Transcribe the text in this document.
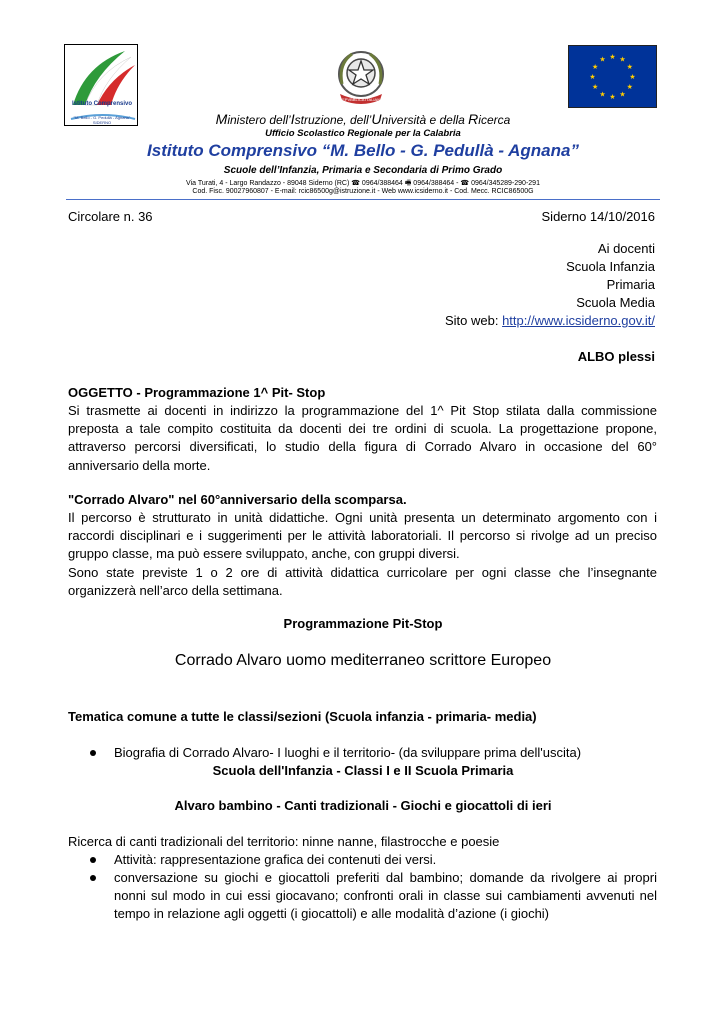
Istituto Comprensivo
"M. Bello - G. Pedullà - Agnana" SIDERNO
REPVBBLICA ITALIANA
★ ★
★
★
★
★
★
★
★
★
★
★
Ministero dell’Istruzione, dell’Università e della Ricerca
Ufficio Scolastico Regionale per la Calabria
Istituto Comprensivo “M. Bello - G. Pedullà - Agnana”
Scuole dell’Infanzia, Primaria e Secondaria di Primo Grado
Via Turati, 4 - Largo Randazzo - 89048 Siderno (RC) ☎ 0964/388464 🖷 0964/388464 - ☎ 0964/345289-290-291
Cod. Fisc. 90027960807 - E-mail: rcic86500g@istruzione.it - Web www.icsiderno.it - Cod. Mecc. RCIC86500G
Circolare n. 36	Siderno 14/10/2016
Ai docenti
Scuola Infanzia
Primaria
Scuola Media
Sito web: http://www.icsiderno.gov.it/
ALBO plessi
OGGETTO - Programmazione 1^ Pit- Stop
Si trasmette ai docenti in indirizzo la programmazione del 1^ Pit Stop stilata dalla commissione
preposta a tale compito costituita da docenti dei tre ordini di scuola. La progettazione propone,
attraverso percorsi diversificati, lo studio della figura di Corrado Alvaro in occasione del 60°
anniversario della morte.
"Corrado Alvaro" nel 60°anniversario della scomparsa.
Il percorso è strutturato in unità didattiche. Ogni unità presenta un determinato argomento con i
raccordi disciplinari e i suggerimenti per le attività laboratoriali. Il percorso si rivolge ad un preciso
gruppo classe, ma può essere sviluppato, anche, con gruppi diversi.
Sono state previste 1 o 2 ore di attività didattica curricolare per ogni classe che l’insegnante
organizzerà nell’arco della settimana.
Programmazione Pit-Stop
Corrado Alvaro uomo mediterraneo scrittore Europeo
Tematica comune a tutte le classi/sezioni (Scuola infanzia - primaria- media)
Biografia di Corrado Alvaro- I luoghi e il territorio- (da sviluppare prima dell'uscita)
Scuola dell'Infanzia - Classi I e II Scuola Primaria
Alvaro bambino - Canti tradizionali - Giochi e giocattoli di ieri
Ricerca di canti tradizionali del territorio: ninne nanne, filastrocche e poesie
Attività: rappresentazione grafica dei contenuti dei versi.
conversazione su giochi e giocattoli preferiti dal bambino; domande da rivolgere ai propri
nonni sul modo in cui essi giocavano; confronti orali in classe sui cambiamenti avvenuti nel
tempo in relazione agli oggetti (i giocattoli) e alle modalità d’azione (i giochi)
